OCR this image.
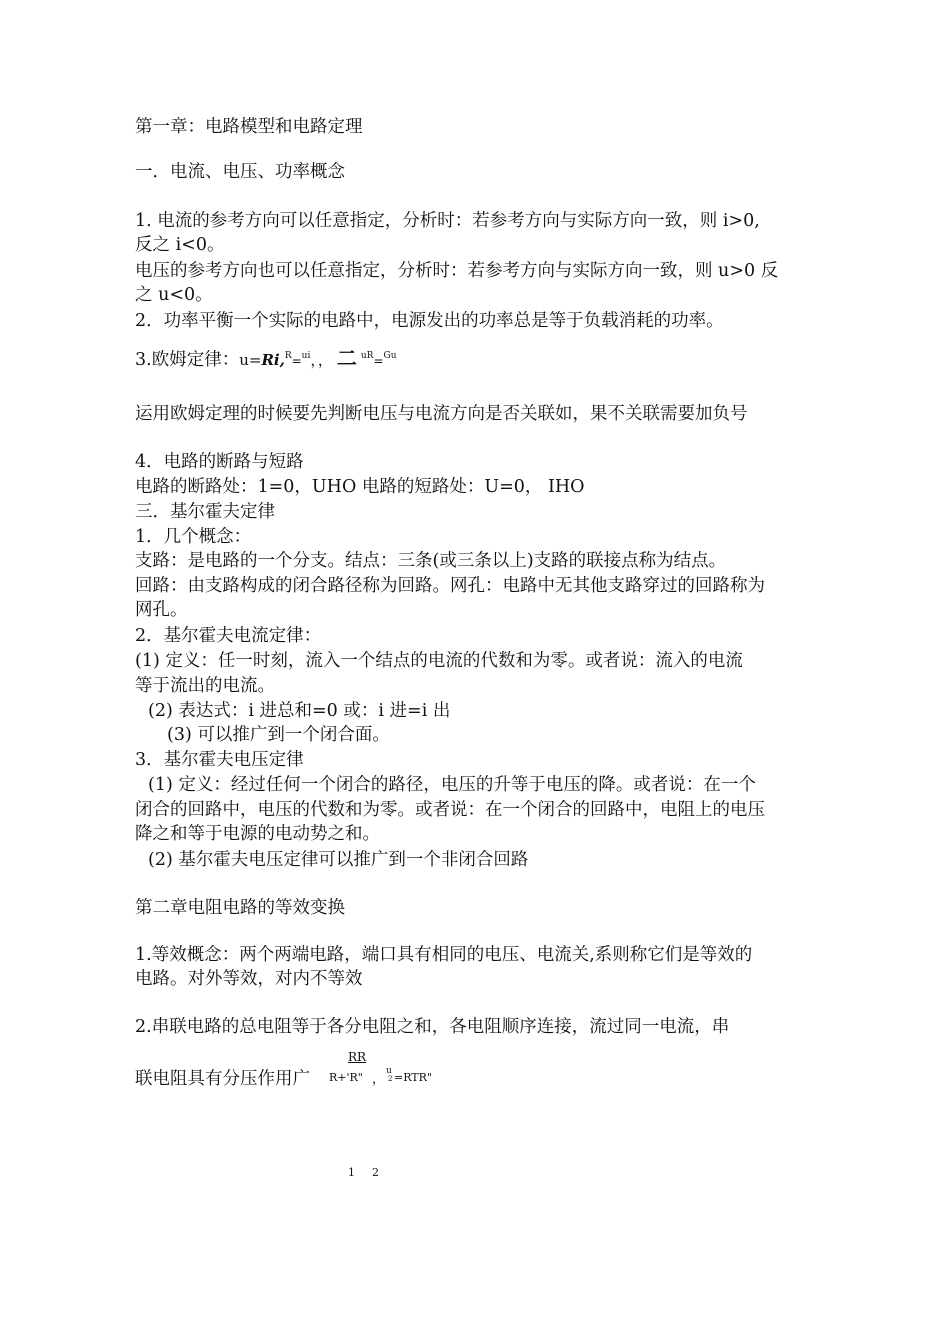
第一章：电路模型和电路定理
一．电流、电压、功率概念
1. 电流的参考方向可以任意指定，分析时：若参考方向与实际方向一致，则 i>0,
反之 i<0。
电压的参考方向也可以任意指定，分析时：若参考方向与实际方向一致，则 u>0 反
之 u<0。
2．功率平衡一个实际的电路中，电源发出的功率总是等于负载消耗的功率。
3.欧姆定律：u=Ri,$^R$=$^{ui}$，， 二 $^{uR}$=$^{Gu}$
运用欧姆定理的时候要先判断电压与电流方向是否关联如，果不关联需要加负号
4．电路的断路与短路
电路的断路处：1=0，UHO 电路的短路处：U=0， IHO
三．基尔霍夫定律
1．几个概念：
支路：是电路的一个分支。结点：三条(或三条以上)支路的联接点称为结点。
回路：由支路构成的闭合路径称为回路。网孔：电路中无其他支路穿过的回路称为
网孔。
2．基尔霍夫电流定律：
(1) 定义：任一时刻，流入一个结点的电流的代数和为零。或者说：流入的电流
等于流出的电流。
(2) 表达式：i 进总和=0 或：i 进=i 出
(3) 可以推广到一个闭合面。
3．基尔霍夫电压定律
(1) 定义：经过任何一个闭合的路径，电压的升等于电压的降。或者说：在一个
闭合的回路中，电压的代数和为零。或者说：在一个闭合的回路中，电阻上的电压
降之和等于电源的电动势之和。
(2) 基尔霍夫电压定律可以推广到一个非闭合回路
第二章电阻电路的等效变换
1.等效概念：两个两端电路，端口具有相同的电压、电流关,系则称它们是等效的
电路。对外等效，对内不等效
2.串联电路的总电阻等于各分电阻之和，各电阻顺序连接，流过同一电流，串
联电阻具有分压作用广
RR
R+'R" ，
u
2 =RTR"
1 2
